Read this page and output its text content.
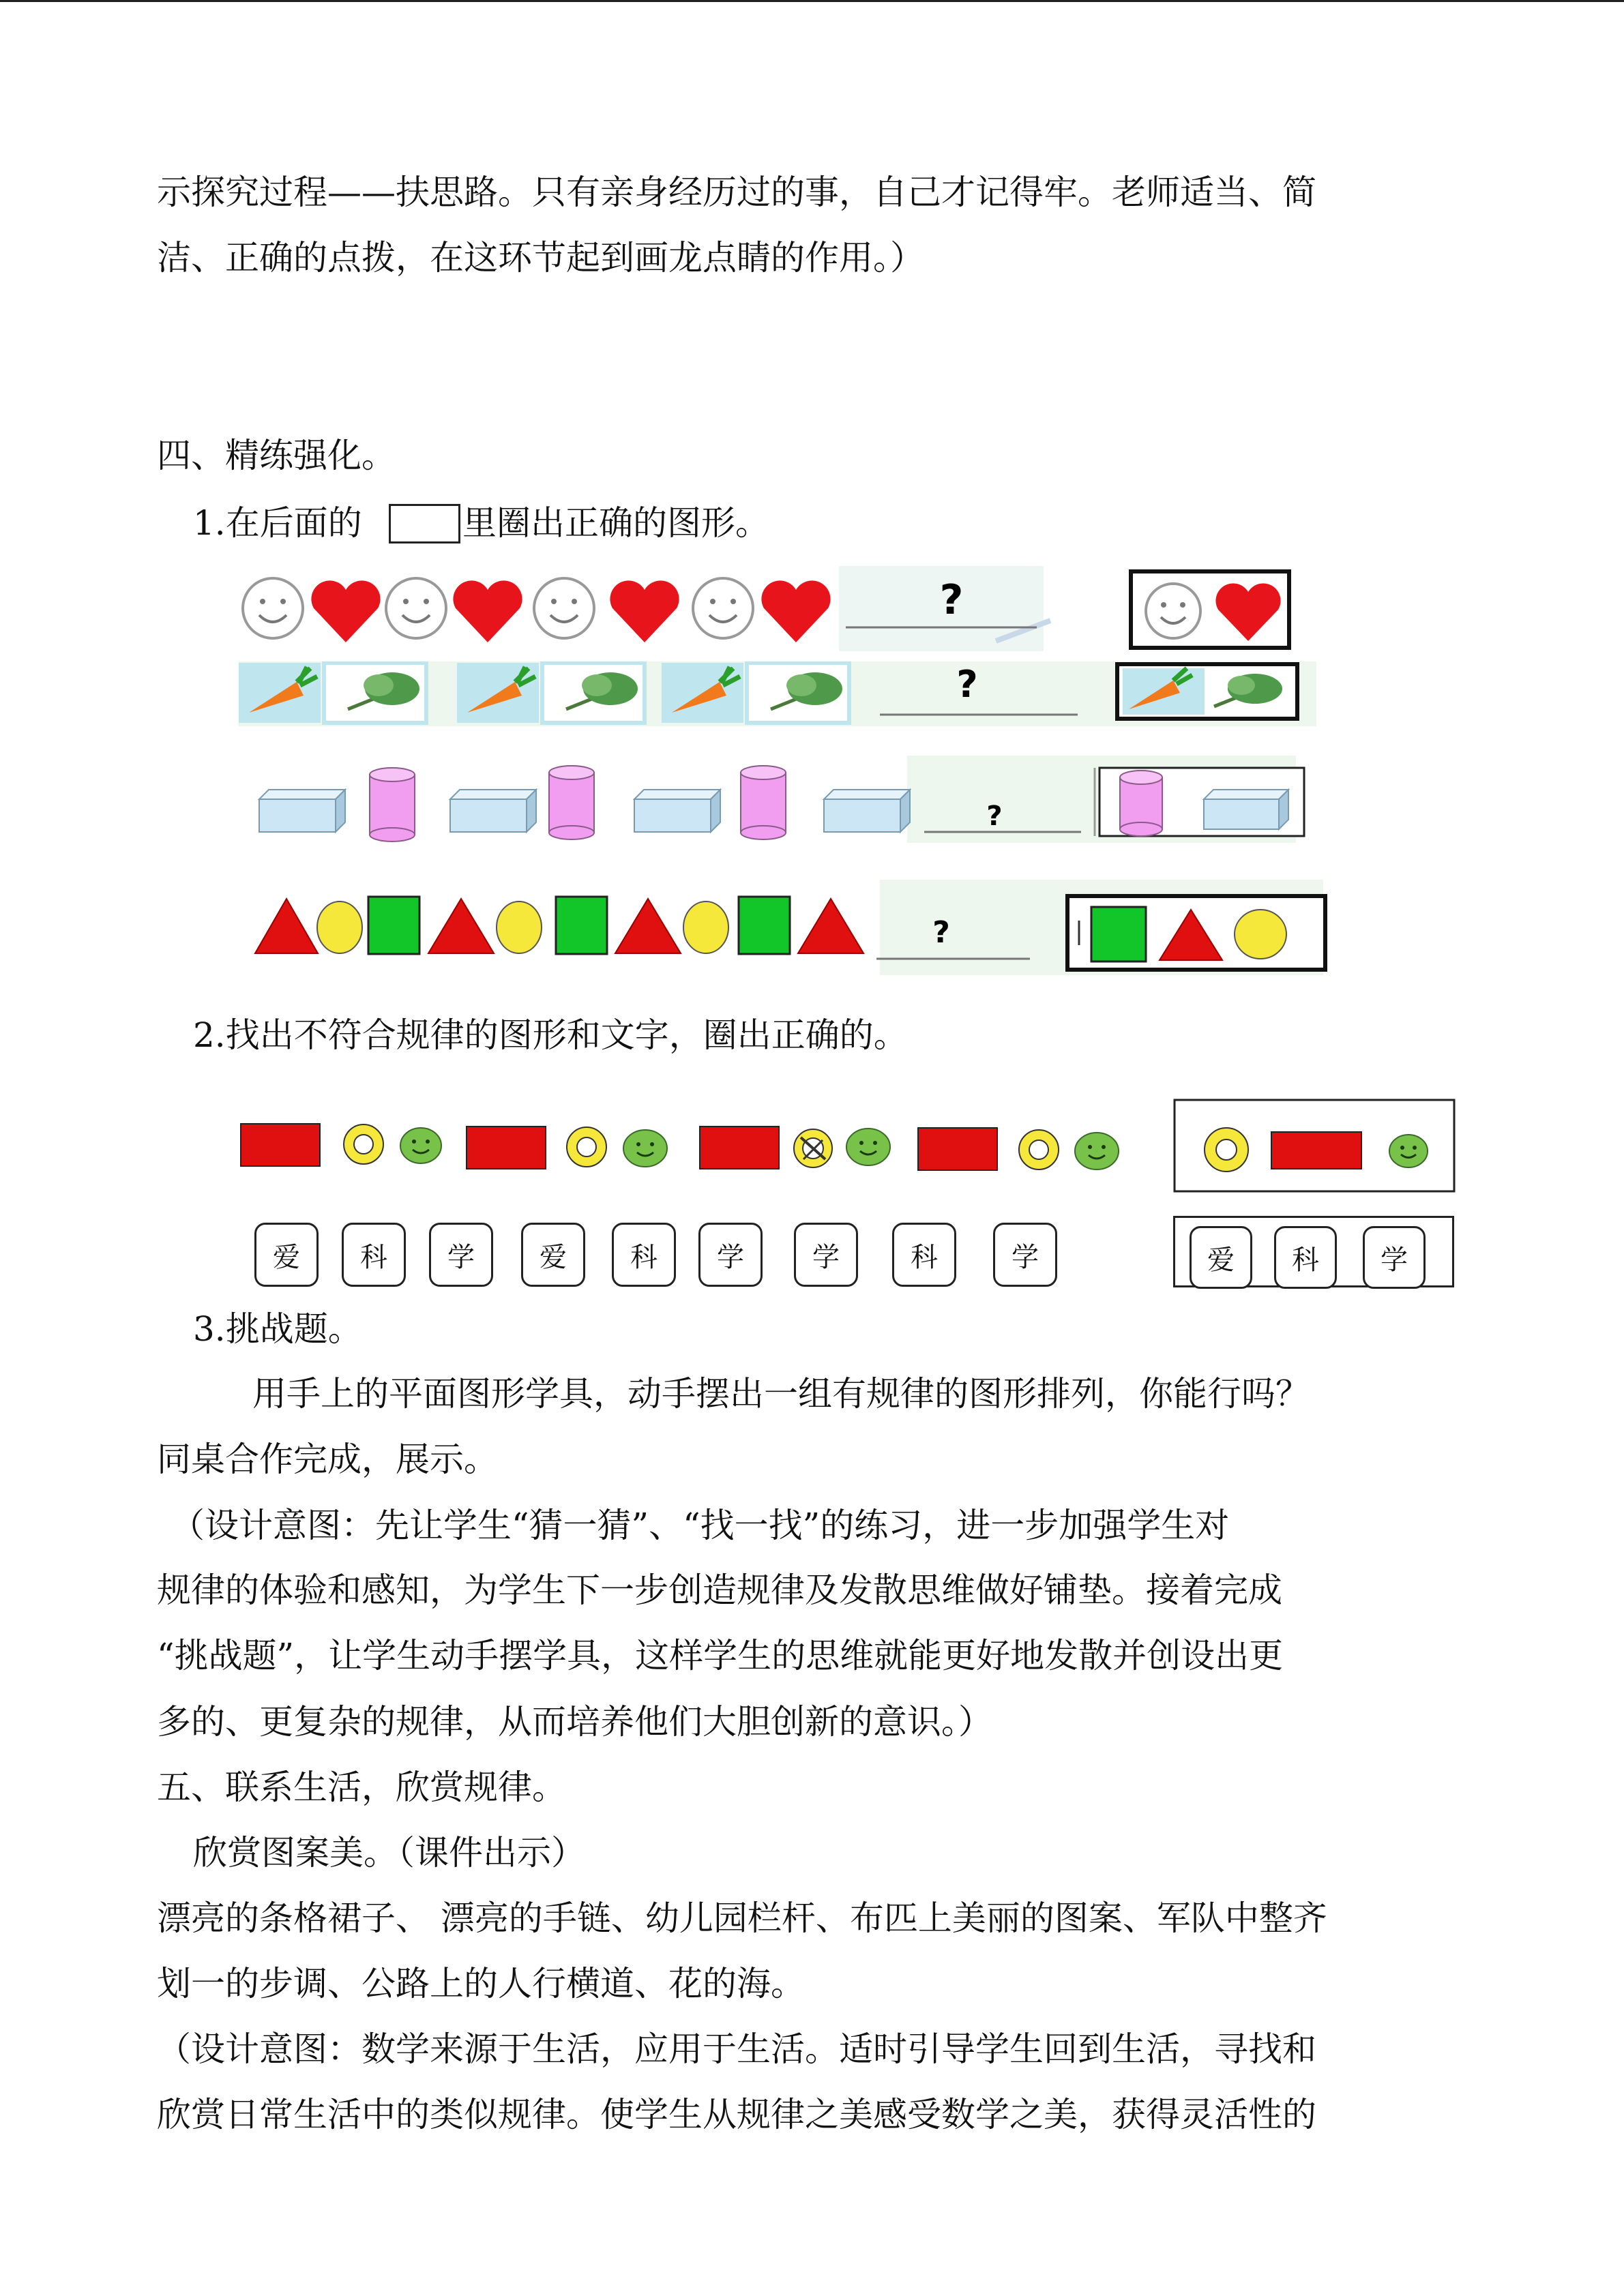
示探究过程——扶思路。只有亲身经历过的事，自己才记得牢。老师适当、简
洁、正确的点拨，在这环节起到画龙点睛的作用。）
四、精练强化。
1.在后面的	里圈出正确的图形。
?
?
?
?
2.找出不符合规律的图形和文字，圈出正确的。
爱	科	学	爱	科	学	学	科	学	爱	科	学
3.挑战题。
用手上的平面图形学具，动手摆出一组有规律的图形排列，你能行吗？
同桌合作完成，展示。
（设计意图：先让学生“猜一猜”、“找一找”的练习，进一步加强学生对
规律的体验和感知，为学生下一步创造规律及发散思维做好铺垫。接着完成
“挑战题”，让学生动手摆学具，这样学生的思维就能更好地发散并创设出更
多的、更复杂的规律，从而培养他们大胆创新的意识。）
五、联系生活，欣赏规律。
欣赏图案美。（课件出示）
漂亮的条格裙子、 漂亮的手链、幼儿园栏杆、布匹上美丽的图案、军队中整齐
划一的步调、公路上的人行横道、花的海。
（设计意图：数学来源于生活，应用于生活。适时引导学生回到生活，寻找和
欣赏日常生活中的类似规律。使学生从规律之美感受数学之美，获得灵活性的
